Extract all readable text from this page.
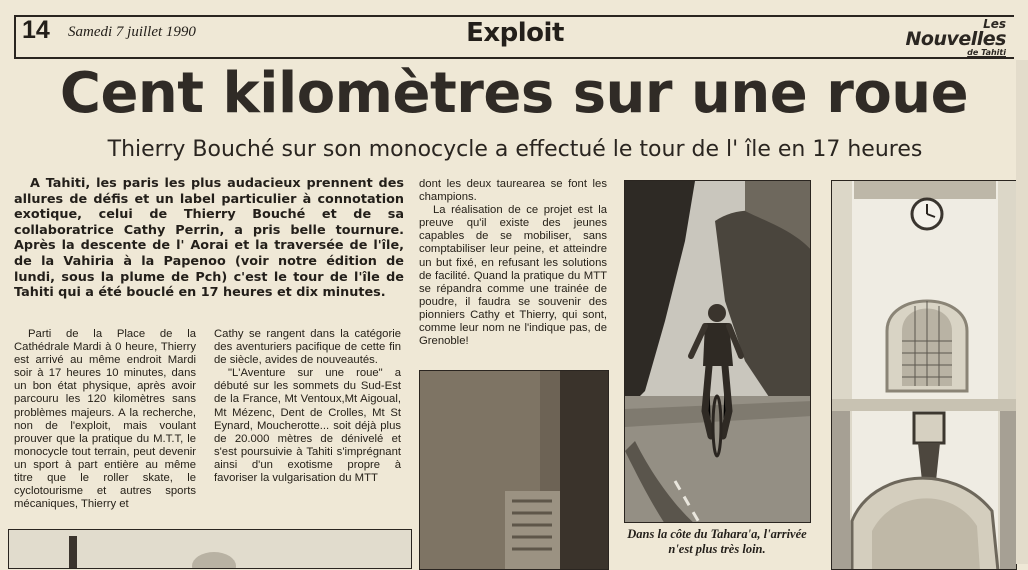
14 Samedi 7 juillet 1990	Exploit	Les
Nouvelles
de Tahiti
Cent kilomètres sur une roue
Thierry Bouché sur son monocycle a effectué le tour de l' île en 17 heures
A Tahiti, les paris les plus audacieux prennent des allures de défis et un label particulier à connotation exotique, celui de Thierry Bouché et de sa collaboratrice Cathy Perrin, a pris belle tournure. Après la descente de l' Aorai et la traversée de l'île, de la Vahiria à la Papenoo (voir notre édition de lundi, sous la plume de Pch) c'est le tour de l'île de Tahiti qui a été bouclé en 17 heures et dix minutes.

Parti de la Place de la Cathédrale Mardi à 0 heure, Thierry est arrivé au même endroit Mardi soir à 17 heures 10 minutes, dans un bon état physique, après avoir parcouru les 120 kilomètres sans problèmes majeurs. A la recherche, non de l'exploit, mais voulant prouver que la pratique du M.T.T, le monocycle tout terrain, peut devenir un sport à part entière au même titre que le roller skate, le cyclotourisme et autres sports mécaniques, Thierry et

Cathy se rangent dans la catégorie des aventuriers pacifique de cette fin de siècle, avides de nouveautés.

"L'Aventure sur une roue" a débuté sur les sommets du Sud-Est de la France, Mt Ventoux,Mt Aigoual, Mt Mézenc, Dent de Crolles, Mt St Eynard, Moucherotte... soit déjà plus de 20.000 mètres de dénivelé et s'est poursuivie à Tahiti s'imprégnant ainsi d'un exotisme propre à favoriser la vulgarisation du MTT

dont les deux taurearea se font les champions.

La réalisation de ce projet est la preuve qu'il existe des jeunes capables de se mobiliser, sans comptabiliser leur peine, et atteindre un but fixé, en refusant les solutions de facilité. Quand la pratique du MTT se répandra comme une trainée de poudre, il faudra se souvenir des pionniers Cathy et Thierry, qui sont, comme leur nom ne l'indique pas, de Grenoble!

Dans la côte du Tahara'a, l'arrivée n'est plus très loin.
